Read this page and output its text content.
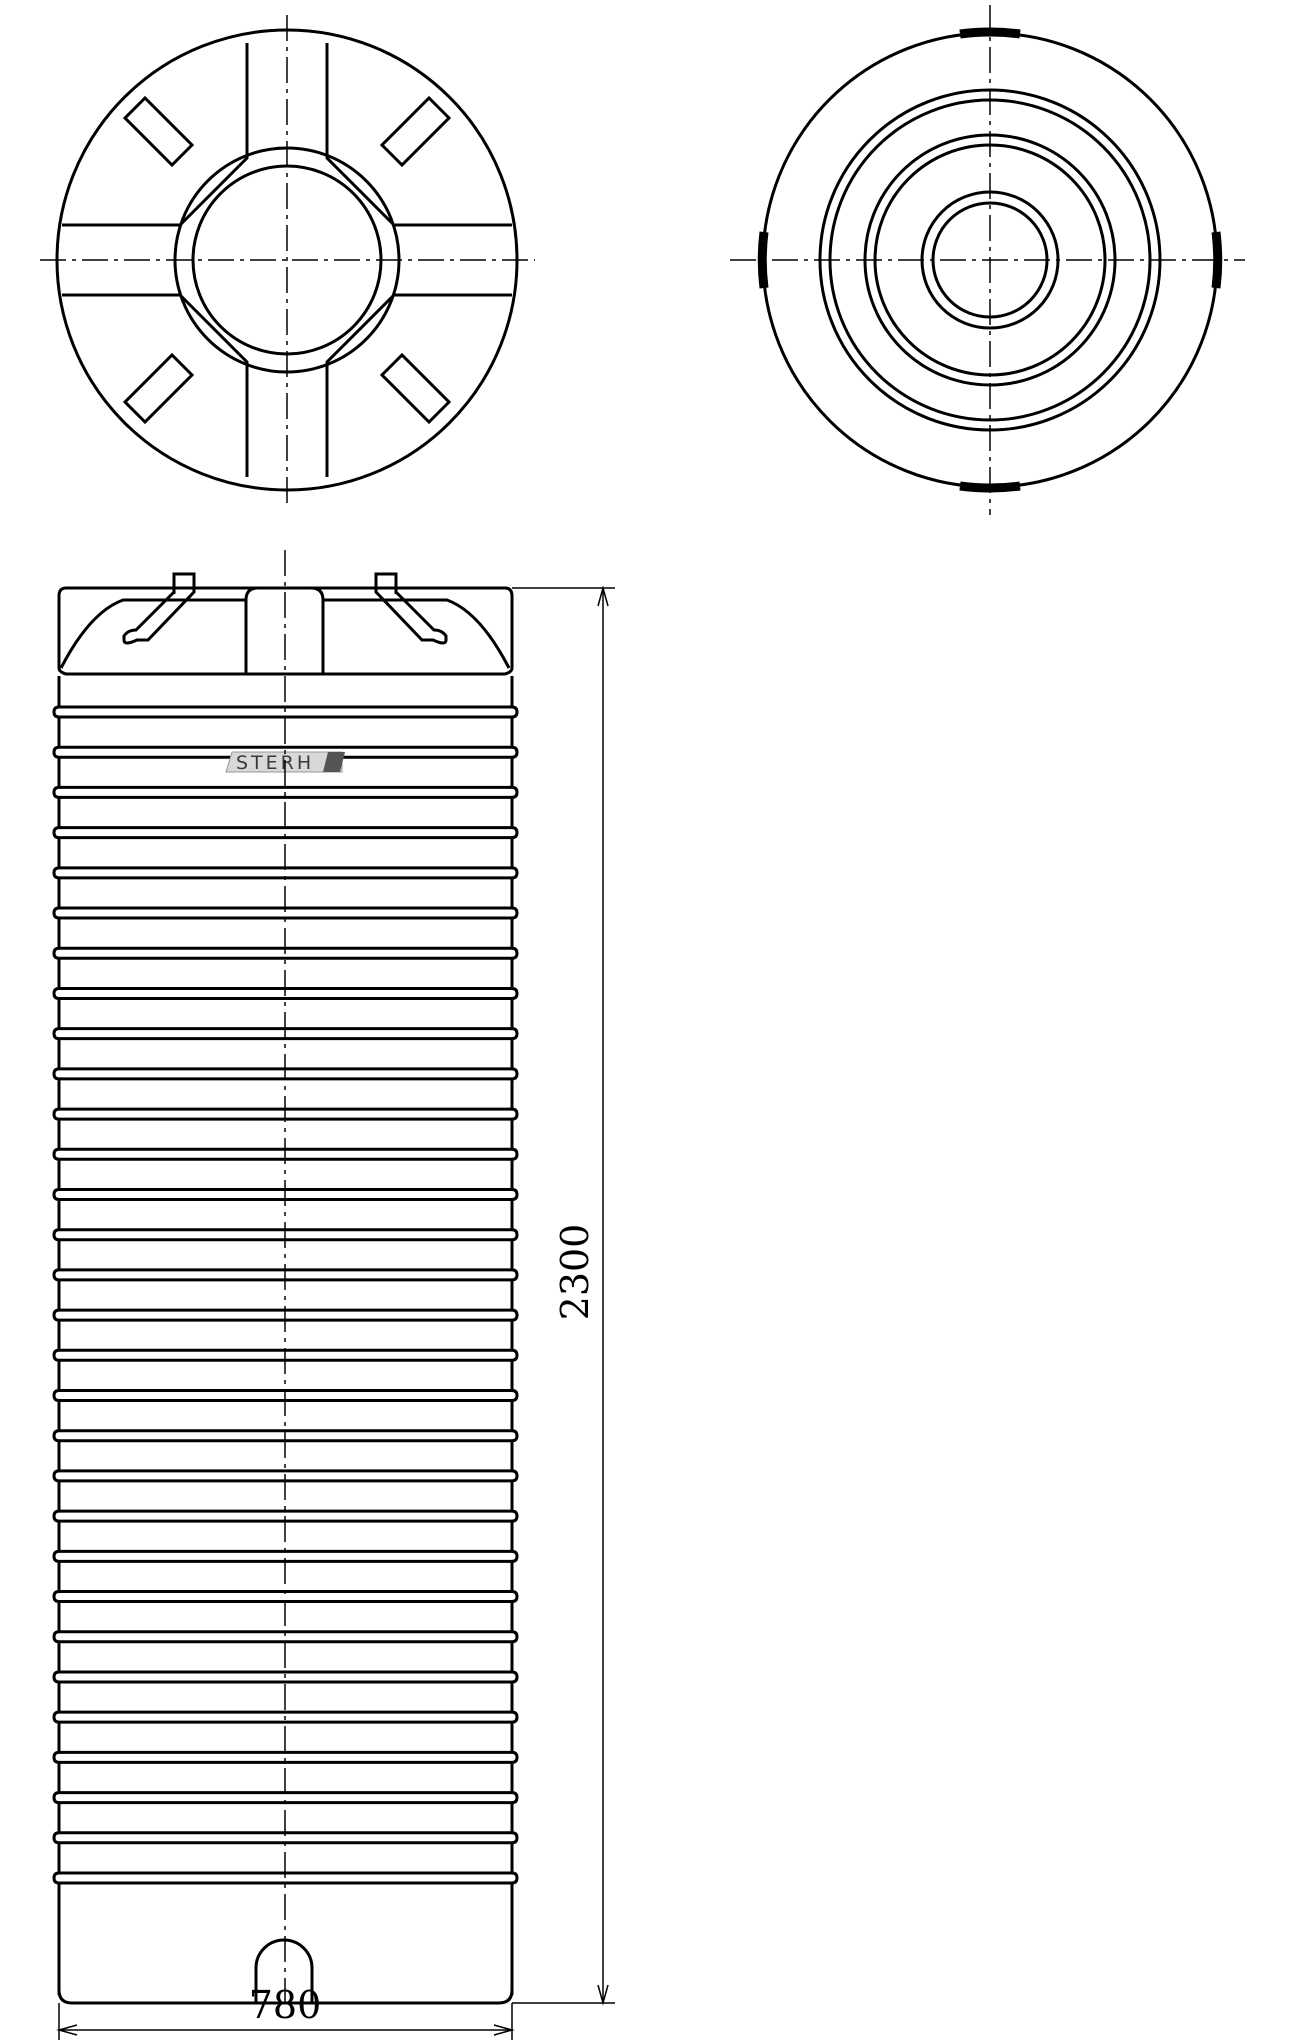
STERH
2300
780
